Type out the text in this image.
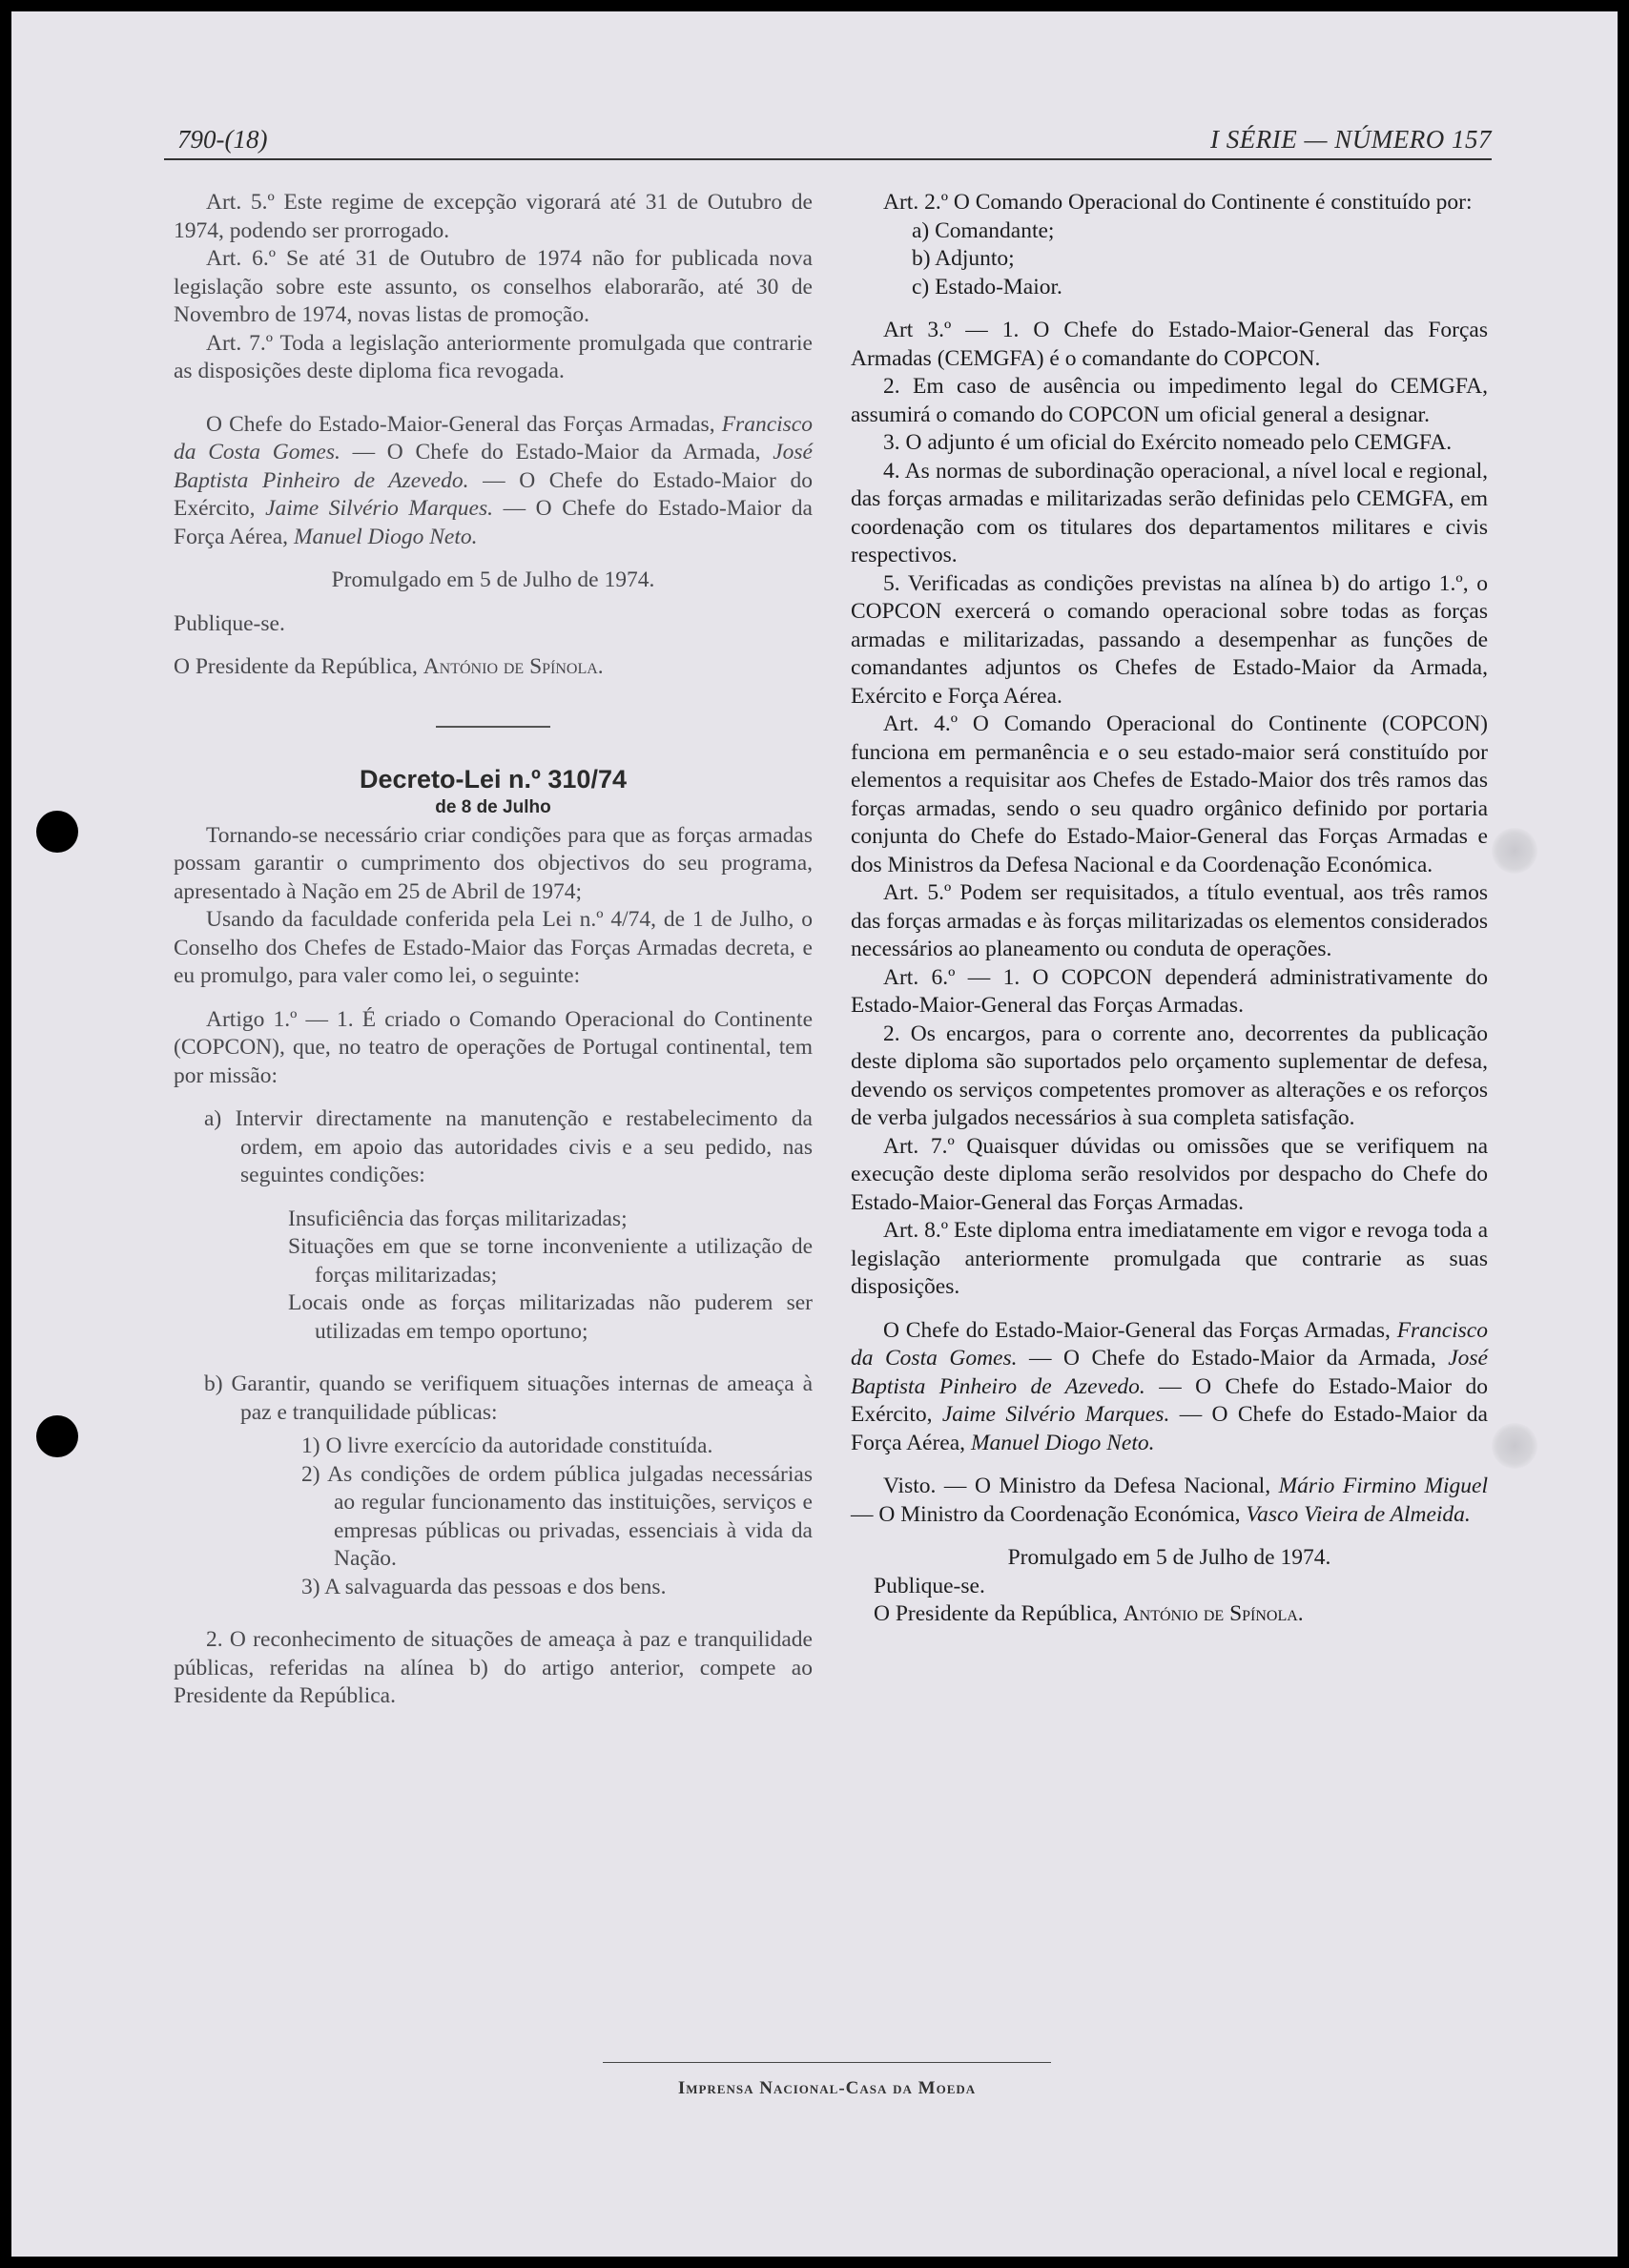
790-(18)	I SÉRIE — NÚMERO 157

Art. 5.º Este regime de excepção vigorará até 31 de Outubro de 1974, podendo ser prorrogado.

Art. 6.º Se até 31 de Outubro de 1974 não for publicada nova legislação sobre este assunto, os conselhos elaborarão, até 30 de Novembro de 1974, novas listas de promoção.

Art. 7.º Toda a legislação anteriormente promulgada que contrarie as disposições deste diploma fica revogada.

O Chefe do Estado-Maior-General das Forças Armadas, Francisco da Costa Gomes. — O Chefe do Estado-Maior da Armada, José Baptista Pinheiro de Azevedo. — O Chefe do Estado-Maior do Exército, Jaime Silvério Marques. — O Chefe do Estado-Maior da Força Aérea, Manuel Diogo Neto.

Promulgado em 5 de Julho de 1974.

Publique-se.

O Presidente da República, António de Spínola.

Decreto-Lei n.º 310/74

de 8 de Julho

Tornando-se necessário criar condições para que as forças armadas possam garantir o cumprimento dos objectivos do seu programa, apresentado à Nação em 25 de Abril de 1974;

Usando da faculdade conferida pela Lei n.º 4/74, de 1 de Julho, o Conselho dos Chefes de Estado-Maior das Forças Armadas decreta, e eu promulgo, para valer como lei, o seguinte:

Artigo 1.º — 1. É criado o Comando Operacional do Continente (COPCON), que, no teatro de operações de Portugal continental, tem por missão:

a) Intervir directamente na manutenção e restabelecimento da ordem, em apoio das autoridades civis e a seu pedido, nas seguintes condições:

Insuficiência das forças militarizadas;

Situações em que se torne inconveniente a utilização de forças militarizadas;

Locais onde as forças militarizadas não puderem ser utilizadas em tempo oportuno;

b) Garantir, quando se verifiquem situações internas de ameaça à paz e tranquilidade públicas:

1) O livre exercício da autoridade constituída.

2) As condições de ordem pública julgadas necessárias ao regular funcionamento das instituições, serviços e empresas públicas ou privadas, essenciais à vida da Nação.

3) A salvaguarda das pessoas e dos bens.

2. O reconhecimento de situações de ameaça à paz e tranquilidade públicas, referidas na alínea b) do artigo anterior, compete ao Presidente da República.

Art. 2.º O Comando Operacional do Continente é constituído por:

a) Comandante;

b) Adjunto;

c) Estado-Maior.

Art 3.º — 1. O Chefe do Estado-Maior-General das Forças Armadas (CEMGFA) é o comandante do COPCON.

2. Em caso de ausência ou impedimento legal do CEMGFA, assumirá o comando do COPCON um oficial general a designar.

3. O adjunto é um oficial do Exército nomeado pelo CEMGFA.

4. As normas de subordinação operacional, a nível local e regional, das forças armadas e militarizadas serão definidas pelo CEMGFA, em coordenação com os titulares dos departamentos militares e civis respectivos.

5. Verificadas as condições previstas na alínea b) do artigo 1.º, o COPCON exercerá o comando operacional sobre todas as forças armadas e militarizadas, passando a desempenhar as funções de comandantes adjuntos os Chefes de Estado-Maior da Armada, Exército e Força Aérea.

Art. 4.º O Comando Operacional do Continente (COPCON) funciona em permanência e o seu estado-maior será constituído por elementos a requisitar aos Chefes de Estado-Maior dos três ramos das forças armadas, sendo o seu quadro orgânico definido por portaria conjunta do Chefe do Estado-Maior-General das Forças Armadas e dos Ministros da Defesa Nacional e da Coordenação Económica.

Art. 5.º Podem ser requisitados, a título eventual, aos três ramos das forças armadas e às forças militarizadas os elementos considerados necessários ao planeamento ou conduta de operações.

Art. 6.º — 1. O COPCON dependerá administrativamente do Estado-Maior-General das Forças Armadas.

2. Os encargos, para o corrente ano, decorrentes da publicação deste diploma são suportados pelo orçamento suplementar de defesa, devendo os serviços competentes promover as alterações e os reforços de verba julgados necessários à sua completa satisfação.

Art. 7.º Quaisquer dúvidas ou omissões que se verifiquem na execução deste diploma serão resolvidos por despacho do Chefe do Estado-Maior-General das Forças Armadas.

Art. 8.º Este diploma entra imediatamente em vigor e revoga toda a legislação anteriormente promulgada que contrarie as suas disposições.

O Chefe do Estado-Maior-General das Forças Armadas, Francisco da Costa Gomes. — O Chefe do Estado-Maior da Armada, José Baptista Pinheiro de Azevedo. — O Chefe do Estado-Maior do Exército, Jaime Silvério Marques. — O Chefe do Estado-Maior da Força Aérea, Manuel Diogo Neto.

Visto. — O Ministro da Defesa Nacional, Mário Firmino Miguel — O Ministro da Coordenação Económica, Vasco Vieira de Almeida.

Promulgado em 5 de Julho de 1974.

Publique-se.

O Presidente da República, António de Spínola.

Imprensa Nacional-Casa da Moeda
